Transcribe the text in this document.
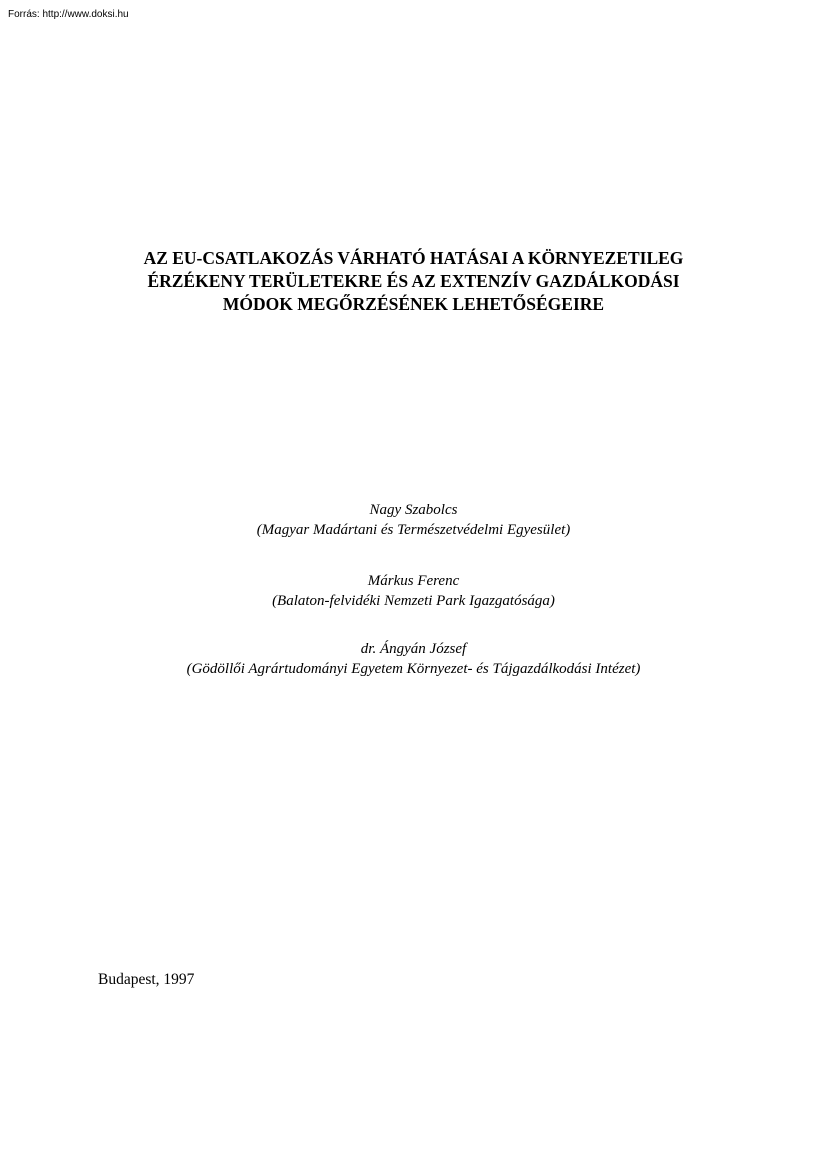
Forrás: http://www.doksi.hu
AZ EU-CSATLAKOZÁS VÁRHATÓ HATÁSAI A KÖRNYEZETILEG
ÉRZÉKENY TERÜLETEKRE ÉS AZ EXTENZÍV GAZDÁLKODÁSI
MÓDOK MEGŐRZÉSÉNEK LEHETŐSÉGEIRE
Nagy Szabolcs
(Magyar Madártani és Természetvédelmi Egyesület)
Márkus Ferenc
(Balaton-felvidéki Nemzeti Park Igazgatósága)
dr. Ángyán József
(Gödöllői Agrártudományi Egyetem Környezet- és Tájgazdálkodási Intézet)
Budapest, 1997
